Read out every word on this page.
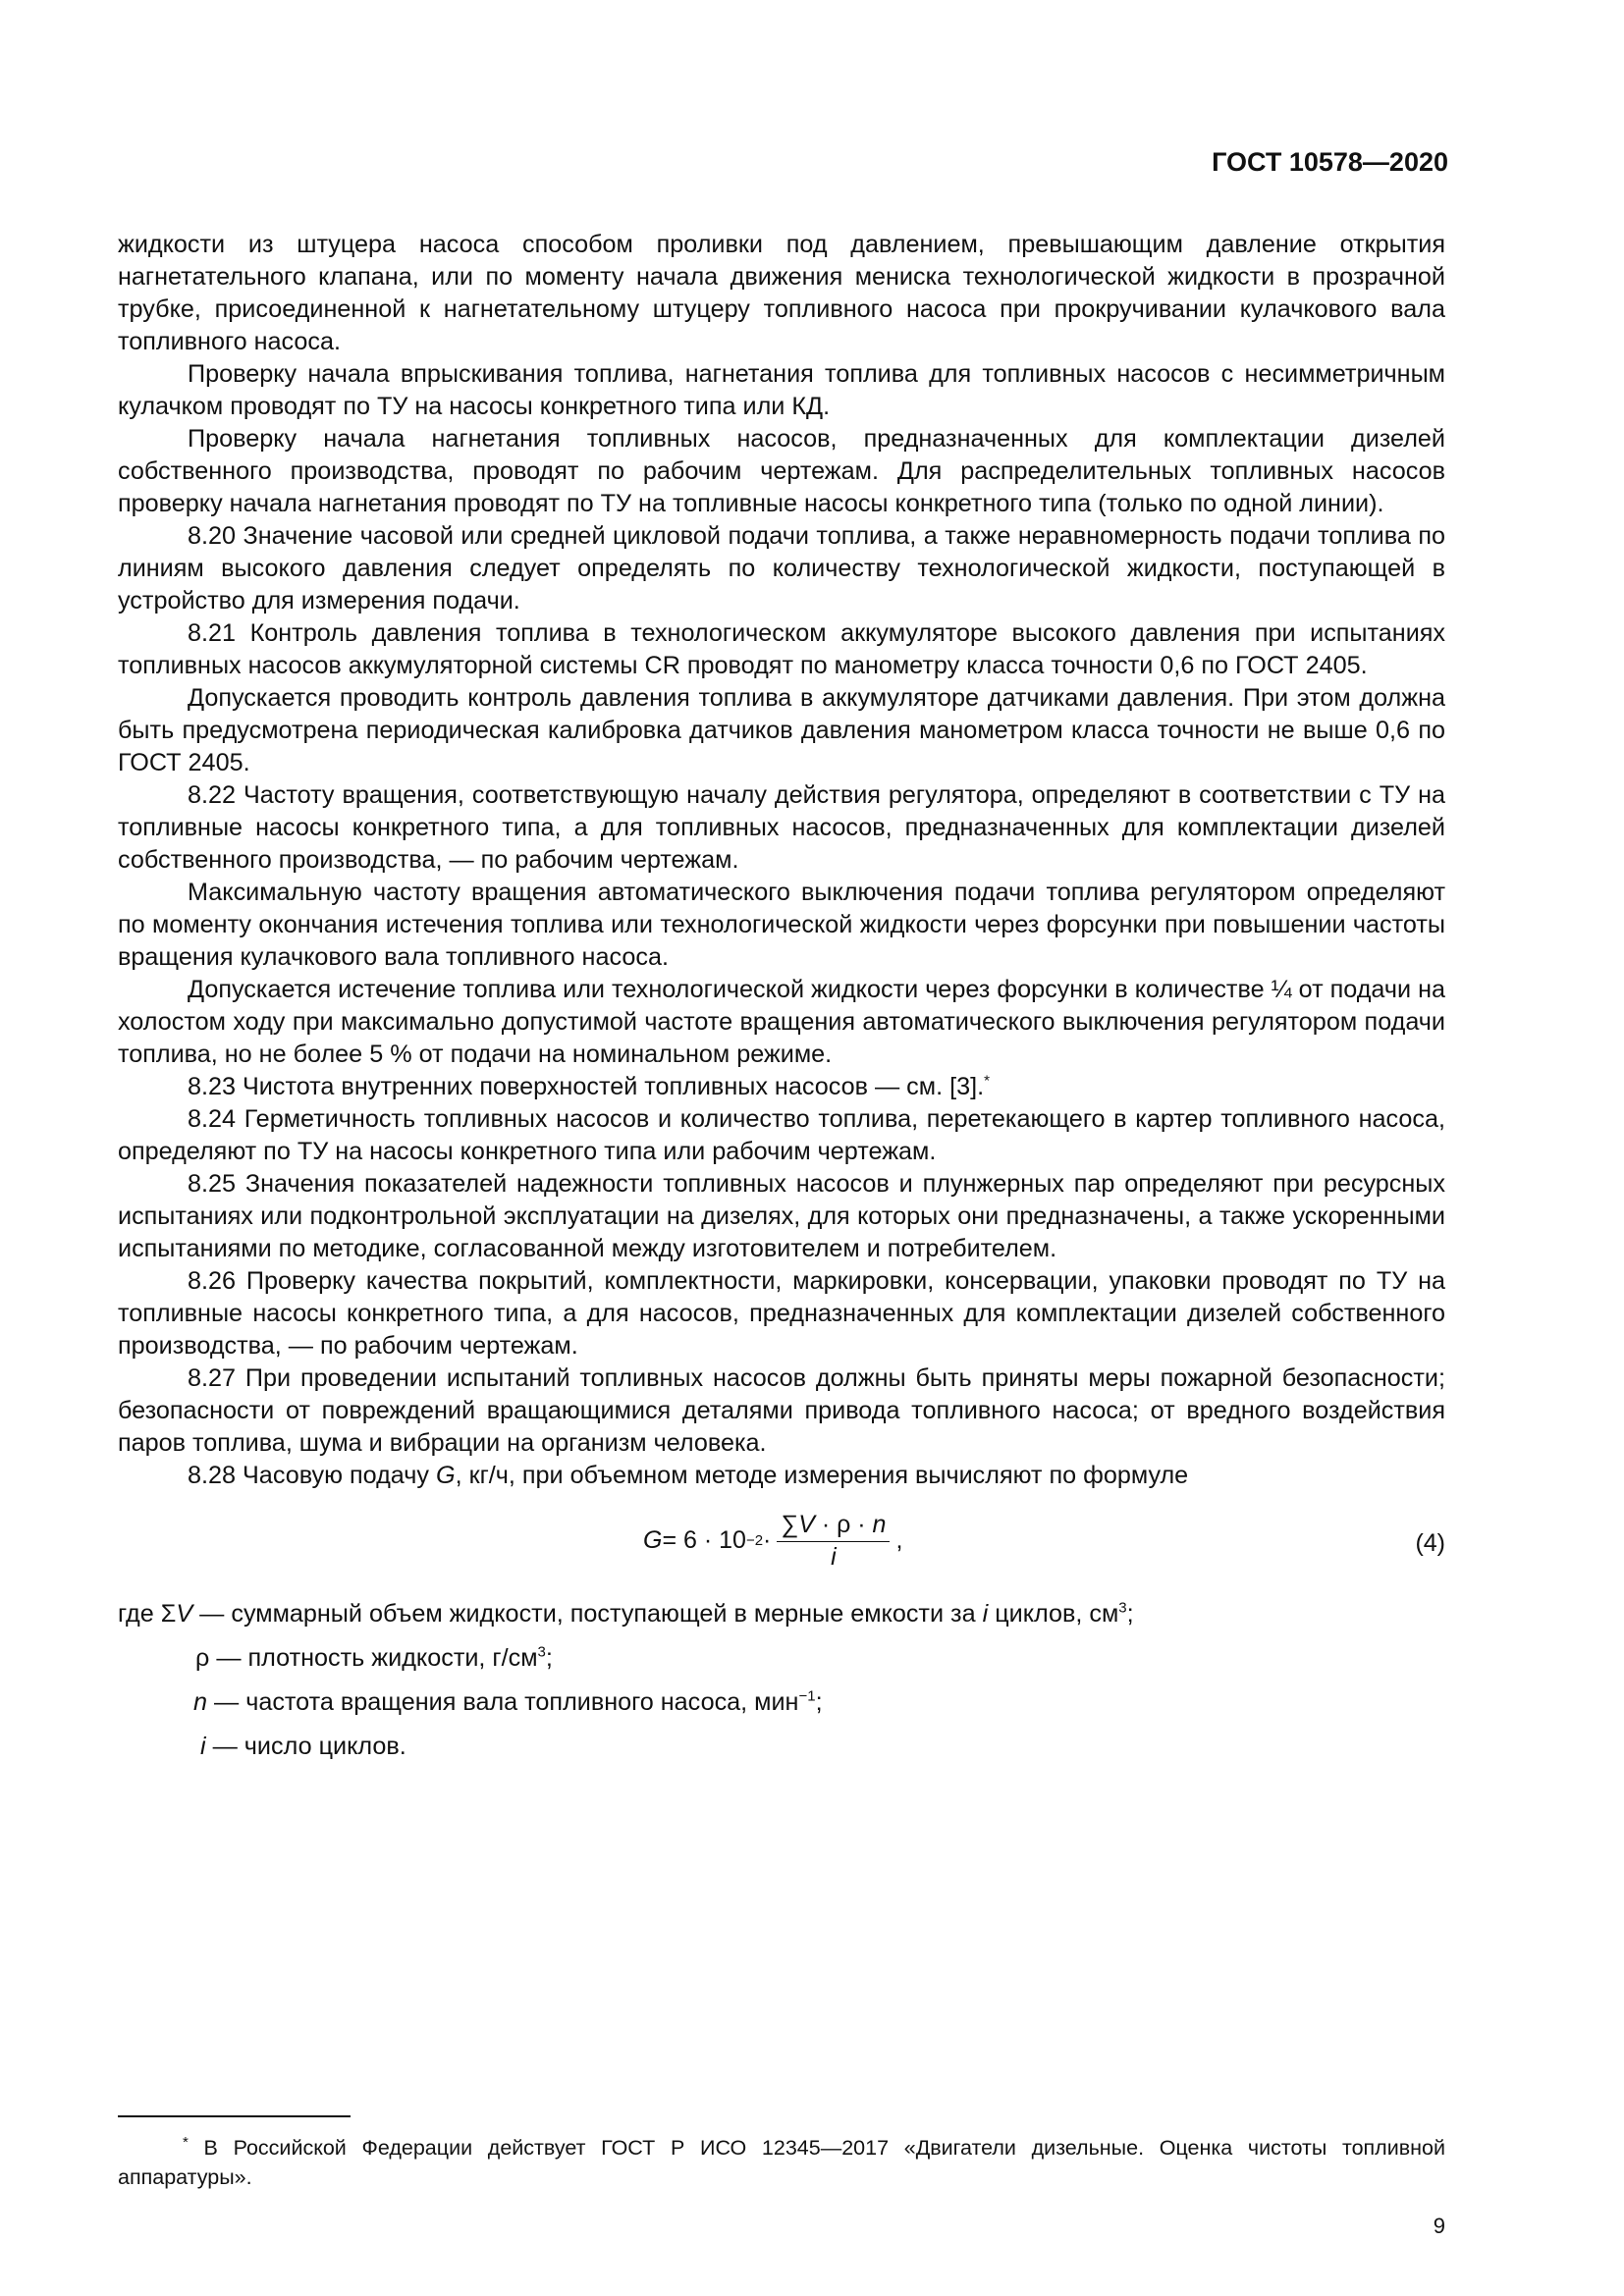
ГОСТ 10578—2020

жидкости из штуцера насоса способом проливки под давлением, превышающим давление открытия нагнетательного клапана, или по моменту начала движения мениска технологической жидкости в прозрачной трубке, присоединенной к нагнетательному штуцеру топливного насоса при прокручивании кулачкового вала топливного насоса.

Проверку начала впрыскивания топлива, нагнетания топлива для топливных насосов с несимметричным кулачком проводят по ТУ на насосы конкретного типа или КД.

Проверку начала нагнетания топливных насосов, предназначенных для комплектации дизелей собственного производства, проводят по рабочим чертежам. Для распределительных топливных насосов проверку начала нагнетания проводят по ТУ на топливные насосы конкретного типа (только по одной линии).

8.20 Значение часовой или средней цикловой подачи топлива, а также неравномерность подачи топлива по линиям высокого давления следует определять по количеству технологической жидкости, поступающей в устройство для измерения подачи.

8.21 Контроль давления топлива в технологическом аккумуляторе высокого давления при испытаниях топливных насосов аккумуляторной системы CR проводят по манометру класса точности 0,6 по ГОСТ 2405.

Допускается проводить контроль давления топлива в аккумуляторе датчиками давления. При этом должна быть предусмотрена периодическая калибровка датчиков давления манометром класса точности не выше 0,6 по ГОСТ 2405.

8.22 Частоту вращения, соответствующую началу действия регулятора, определяют в соответствии с ТУ на топливные насосы конкретного типа, а для топливных насосов, предназначенных для комплектации дизелей собственного производства, — по рабочим чертежам.

Максимальную частоту вращения автоматического выключения подачи топлива регулятором определяют по моменту окончания истечения топлива или технологической жидкости через форсунки при повышении частоты вращения кулачкового вала топливного насоса.

Допускается истечение топлива или технологической жидкости через форсунки в количестве ¼ от подачи на холостом ходу при максимально допустимой частоте вращения автоматического выключения регулятором подачи топлива, но не более 5 % от подачи на номинальном режиме.

8.23 Чистота внутренних поверхностей топливных насосов — см. [3].*

8.24 Герметичность топливных насосов и количество топлива, перетекающего в картер топливного насоса, определяют по ТУ на насосы конкретного типа или рабочим чертежам.

8.25 Значения показателей надежности топливных насосов и плунжерных пар определяют при ресурсных испытаниях или подконтрольной эксплуатации на дизелях, для которых они предназначены, а также ускоренными испытаниями по методике, согласованной между изготовителем и потребителем.

8.26 Проверку качества покрытий, комплектности, маркировки, консервации, упаковки проводят по ТУ на топливные насосы конкретного типа, а для насосов, предназначенных для комплектации дизелей собственного производства, — по рабочим чертежам.

8.27 При проведении испытаний топливных насосов должны быть приняты меры пожарной безопасности; безопасности от повреждений вращающимися деталями привода топливного насоса; от вредного воздействия паров топлива, шума и вибрации на организм человека.

8.28 Часовую подачу G, кг/ч, при объемном методе измерения вычисляют по формуле

$G = 6 \cdot 10 -2 \cdot \frac{\sum V \cdot \rho \cdot n}{i}$ ,	(4)
где ΣV — суммарный объем жидкости, поступающей в мерные емкости за i циклов, $см^3$;
ρ — плотность жидкости, $г/см^3$;
n — частота вращения вала топливного насоса, мин$^{-1}$;
i — число циклов.

* В Российской Федерации действует ГОСТ Р ИСО 12345—2017 «Двигатели дизельные. Оценка чистоты топливной аппаратуры».

9
